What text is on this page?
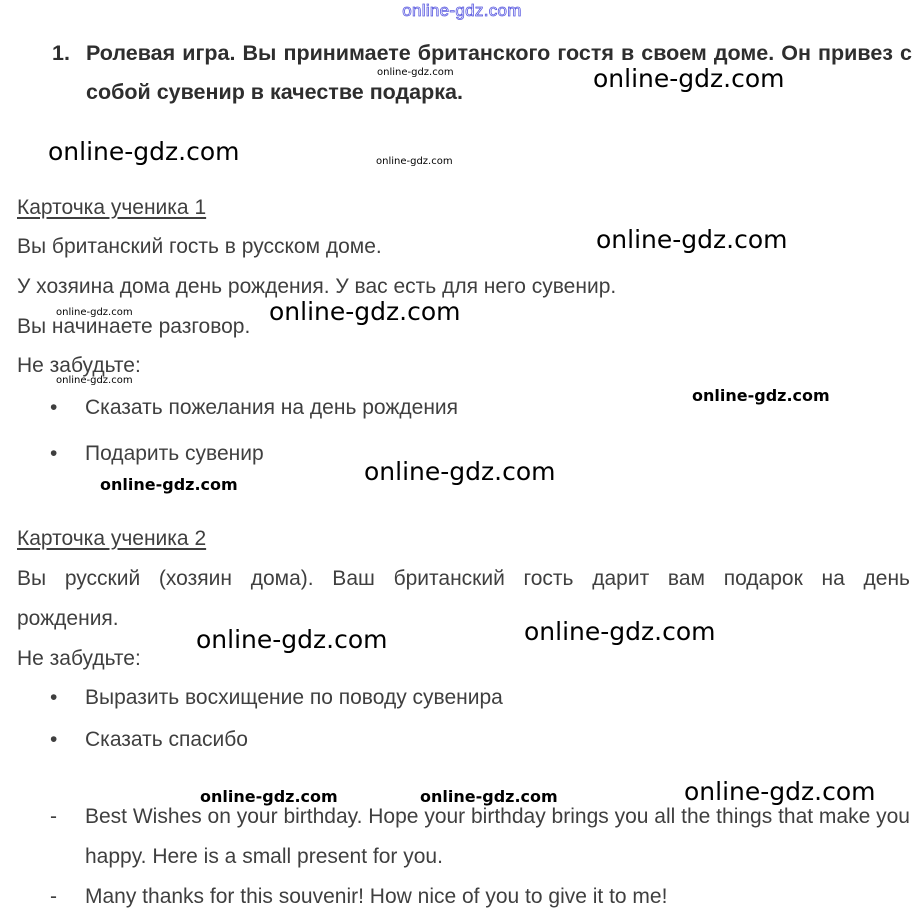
online-gdz.com
1. Ролевая игра. Вы принимаете британского гостя в своем доме. Он привез с собой сувенир в качестве подарка.
Карточка ученика 1
Вы британский гость в русском доме.
У хозяина дома день рождения. У вас есть для него сувенир.
Вы начинаете разговор.
Не забудьте:
•	Сказать пожелания на день рождения
•	Подарить сувенир
Карточка ученика 2
Вы русский (хозяин дома). Ваш британский гость дарит вам подарок на день
рождения.
Не забудьте:
•	Выразить восхищение по поводу сувенира
•	Сказать спасибо
- Best Wishes on your birthday. Hope your birthday brings you all the things that make you happy. Here is a small present for you.
- Many thanks for this souvenir! How nice of you to give it to me!
online-gdz.com	online-gdz.com
online-gdz.com	online-gdz.com
online-gdz.com
online-gdz.com	online-gdz.com
online-gdz.com
online-gdz.com
online-gdz.com
online-gdz.com
online-gdz.com
online-gdz.com
online-gdz.com
online-gdz.com	online-gdz.com
